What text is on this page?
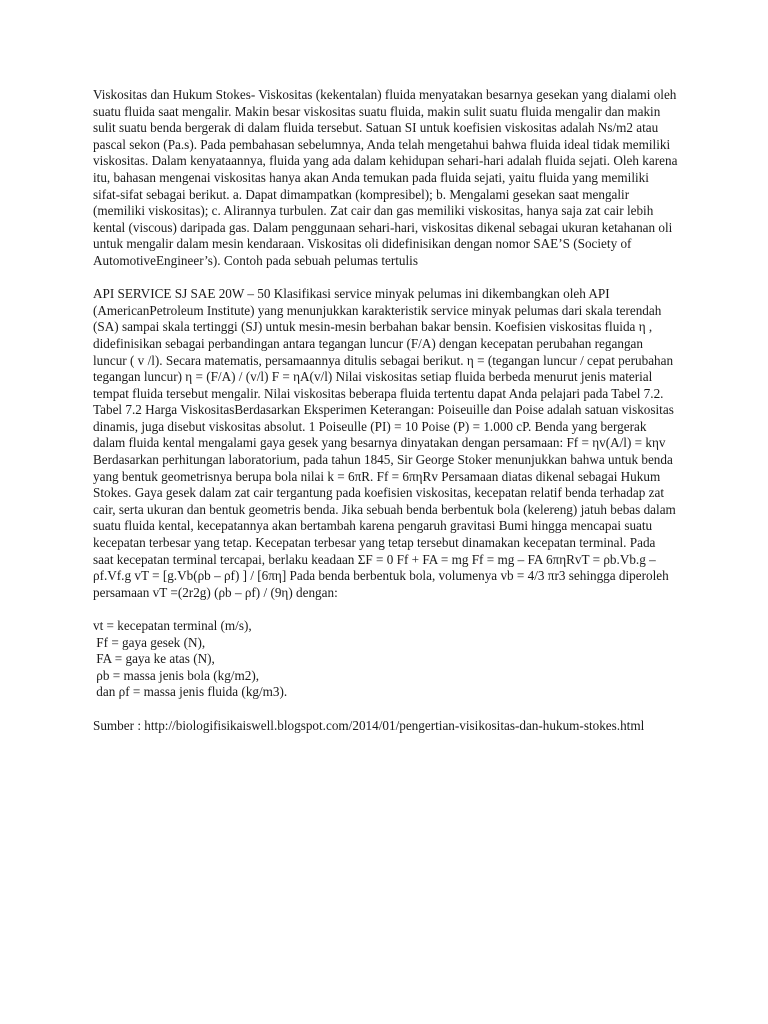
Viskositas dan Hukum Stokes- Viskositas (kekentalan) fluida menyatakan besarnya gesekan yang dialami oleh suatu fluida saat mengalir. Makin besar viskositas suatu fluida, makin sulit suatu fluida mengalir dan makin sulit suatu benda bergerak di dalam fluida tersebut. Satuan SI untuk koefisien viskositas adalah Ns/m2 atau pascal sekon (Pa.s). Pada pembahasan sebelumnya, Anda telah mengetahui bahwa fluida ideal tidak memiliki viskositas. Dalam kenyataannya, fluida yang ada dalam kehidupan sehari-hari adalah fluida sejati. Oleh karena itu, bahasan mengenai viskositas hanya akan Anda temukan pada fluida sejati, yaitu fluida yang memiliki sifat-sifat sebagai berikut. a. Dapat dimampatkan (kompresibel); b. Mengalami gesekan saat mengalir (memiliki viskositas); c. Alirannya turbulen. Zat cair dan gas memiliki viskositas, hanya saja zat cair lebih kental (viscous) daripada gas. Dalam penggunaan sehari-hari, viskositas dikenal sebagai ukuran ketahanan oli untuk mengalir dalam mesin kendaraan. Viskositas oli didefinisikan dengan nomor SAE’S (Society of AutomotiveEngineer’s). Contoh pada sebuah pelumas tertulis

API SERVICE SJ SAE 20W – 50 Klasifikasi service minyak pelumas ini dikembangkan oleh API (AmericanPetroleum Institute) yang menunjukkan karakteristik service minyak pelumas dari skala terendah (SA) sampai skala tertinggi (SJ) untuk mesin-mesin berbahan bakar bensin. Koefisien viskositas fluida η , didefinisikan sebagai perbandingan antara tegangan luncur (F/A) dengan kecepatan perubahan regangan luncur ( v /l). Secara matematis, persamaannya ditulis sebagai berikut. η = (tegangan luncur / cepat perubahan tegangan luncur) η = (F/A) / (v/l) F = ηA(v/l) Nilai viskositas setiap fluida berbeda menurut jenis material tempat fluida tersebut mengalir. Nilai viskositas beberapa fluida tertentu dapat Anda pelajari pada Tabel 7.2. Tabel 7.2 Harga ViskositasBerdasarkan Eksperimen Keterangan: Poiseuille dan Poise adalah satuan viskositas dinamis, juga disebut viskositas absolut. 1 Poiseulle (PI) = 10 Poise (P) = 1.000 cP. Benda yang bergerak dalam fluida kental mengalami gaya gesek yang besarnya dinyatakan dengan persamaan: Ff = ηv(A/l) = kηv Berdasarkan perhitungan laboratorium, pada tahun 1845, Sir George Stoker menunjukkan bahwa untuk benda yang bentuk geometrisnya berupa bola nilai k = 6πR. Ff = 6πηRv Persamaan diatas dikenal sebagai Hukum Stokes. Gaya gesek dalam zat cair tergantung pada koefisien viskositas, kecepatan relatif benda terhadap zat cair, serta ukuran dan bentuk geometris benda. Jika sebuah benda berbentuk bola (kelereng) jatuh bebas dalam suatu fluida kental, kecepatannya akan bertambah karena pengaruh gravitasi Bumi hingga mencapai suatu kecepatan terbesar yang tetap. Kecepatan terbesar yang tetap tersebut dinamakan kecepatan terminal. Pada saat kecepatan terminal tercapai, berlaku keadaan ΣF = 0 Ff + FA = mg Ff = mg – FA 6πηRvT = ρb.Vb.g – ρf.Vf.g vT = [g.Vb(ρb – ρf) ] / [6πη] Pada benda berbentuk bola, volumenya vb = 4/3 πr3 sehingga diperoleh persamaan vT =(2r2g) (ρb – ρf) / (9η) dengan:

vt = kecepatan terminal (m/s),
Ff = gaya gesek (N),
FA = gaya ke atas (N),
ρb = massa jenis bola (kg/m2),
dan ρf = massa jenis fluida (kg/m3).

Sumber : http://biologifisikaiswell.blogspot.com/2014/01/pengertian-visikositas-dan-hukum-stokes.html
